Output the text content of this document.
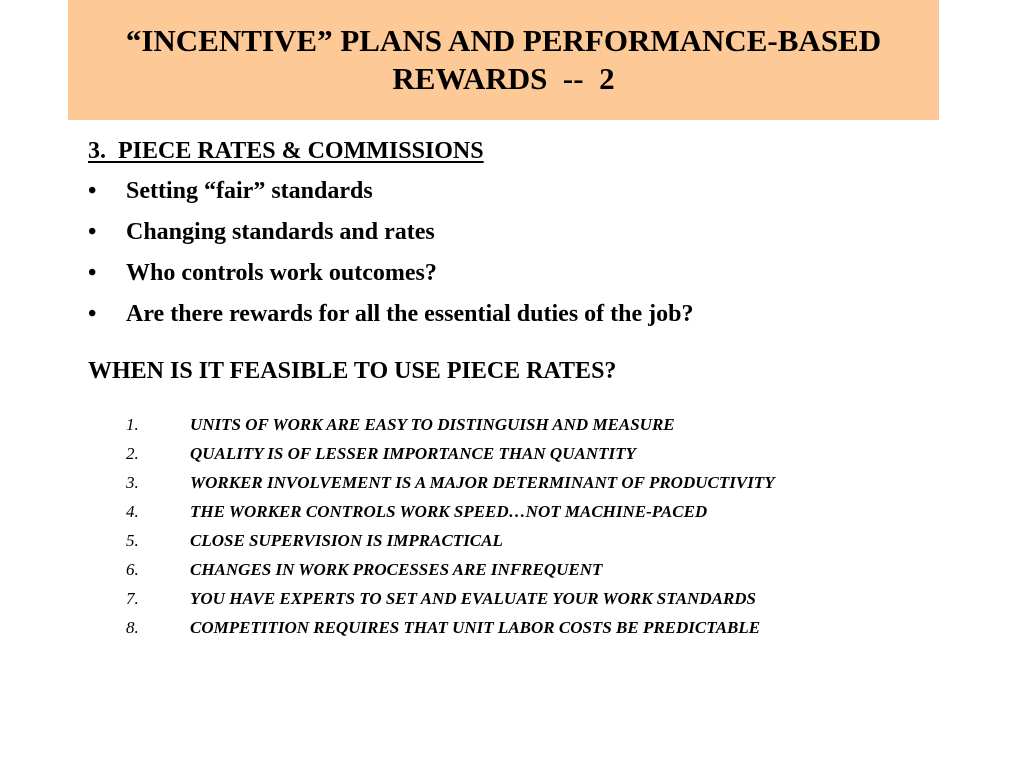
“INCENTIVE” PLANS AND PERFORMANCE-BASED
REWARDS  --  2

3. PIECE RATES & COMMISSIONS

• Setting “fair” standards
• Changing standards and rates
• Who controls work outcomes?
• Are there rewards for all the essential duties of the job?

WHEN IS IT FEASIBLE TO USE PIECE RATES?

1.	UNITS OF WORK ARE EASY TO DISTINGUISH AND MEASURE
2.	QUALITY IS OF LESSER IMPORTANCE THAN QUANTITY
3.	WORKER INVOLVEMENT IS A MAJOR DETERMINANT OF PRODUCTIVITY
4.	THE WORKER CONTROLS WORK SPEED…NOT MACHINE-PACED
5.	CLOSE SUPERVISION IS IMPRACTICAL
6.	CHANGES IN WORK PROCESSES ARE INFREQUENT
7.	YOU HAVE EXPERTS TO SET AND EVALUATE YOUR WORK STANDARDS
8.	COMPETITION REQUIRES THAT UNIT LABOR COSTS BE PREDICTABLE
